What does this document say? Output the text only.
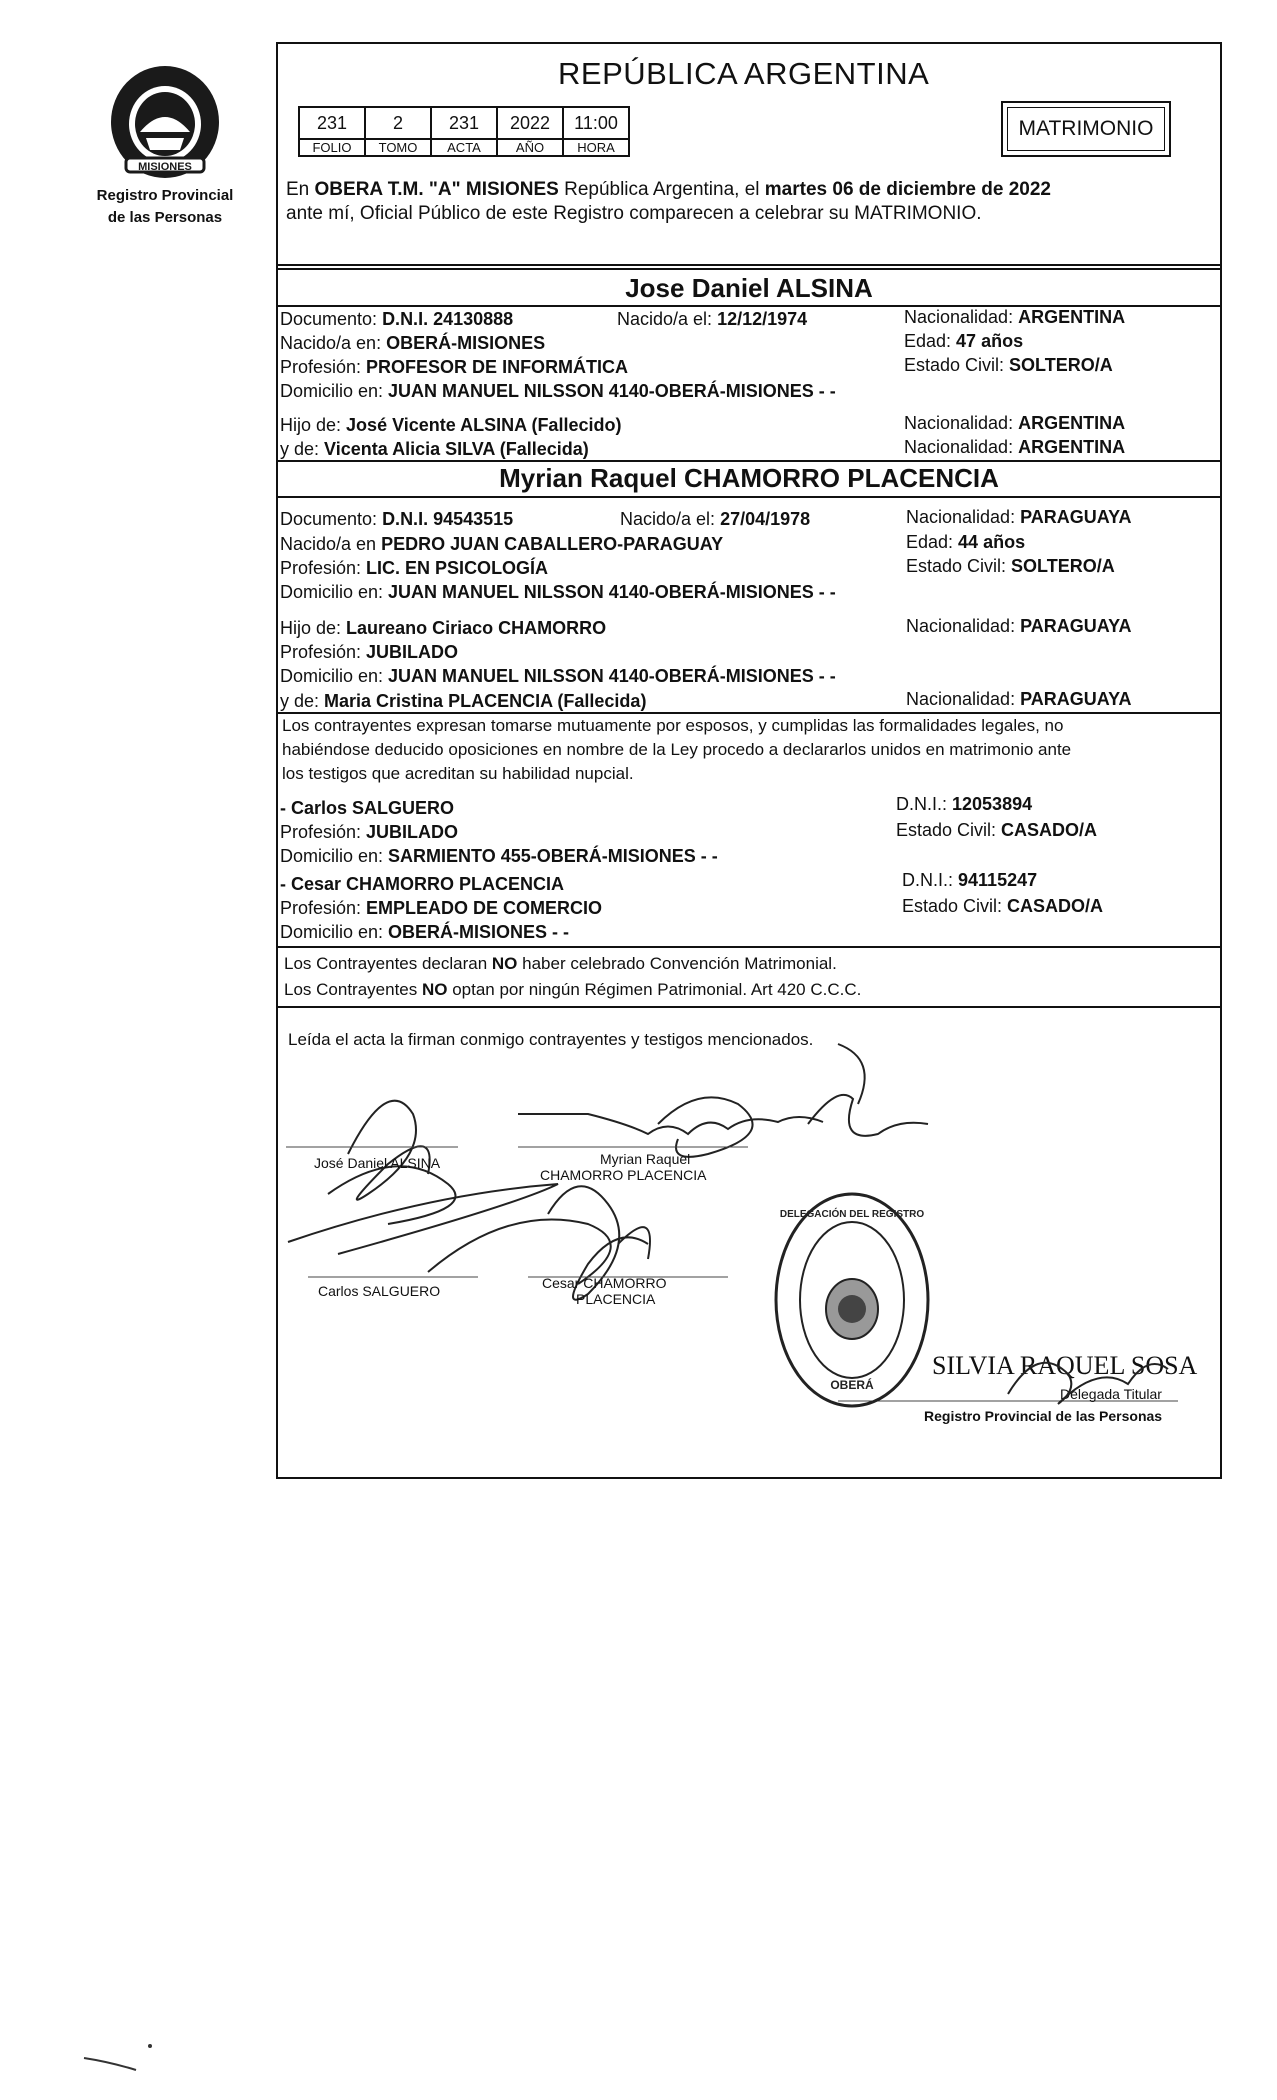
MISIONES
Registro Provincial
de las Personas
REPÚBLICA ARGENTINA
231	2	231	2022	11:00
FOLIO	TOMO	ACTA	AÑO	HORA
MATRIMONIO
En OBERA T.M. "A" MISIONES República Argentina, el martes 06 de diciembre de 2022
ante mí, Oficial Público de este Registro comparecen a celebrar su MATRIMONIO.
Jose Daniel ALSINA
Documento: D.N.I. 24130888	Nacido/a el: 12/12/1974	Nacionalidad: ARGENTINA
Nacido/a en: OBERÁ-MISIONES	Edad: 47 años
Profesión: PROFESOR DE INFORMÁTICA	Estado Civil: SOLTERO/A
Domicilio en: JUAN MANUEL NILSSON 4140-OBERÁ-MISIONES - -
Hijo de: José Vicente ALSINA (Fallecido)	Nacionalidad: ARGENTINA
y de: Vicenta Alicia SILVA (Fallecida)	Nacionalidad: ARGENTINA
Myrian Raquel CHAMORRO PLACENCIA
Documento: D.N.I. 94543515	Nacido/a el: 27/04/1978	Nacionalidad: PARAGUAYA
Nacido/a en PEDRO JUAN CABALLERO-PARAGUAY	Edad: 44 años
Profesión: LIC. EN PSICOLOGÍA	Estado Civil: SOLTERO/A
Domicilio en: JUAN MANUEL NILSSON 4140-OBERÁ-MISIONES - -
Hijo de: Laureano Ciriaco CHAMORRO	Nacionalidad: PARAGUAYA
Profesión: JUBILADO
Domicilio en: JUAN MANUEL NILSSON 4140-OBERÁ-MISIONES - -
y de: Maria Cristina PLACENCIA (Fallecida)	Nacionalidad: PARAGUAYA
Los contrayentes expresan tomarse mutuamente por esposos, y cumplidas las formalidades legales, no
habiéndose deducido oposiciones en nombre de la Ley procedo a declararlos unidos en matrimonio ante
los testigos que acreditan su habilidad nupcial.
- Carlos SALGUERO	D.N.I.: 12053894
Profesión: JUBILADO	Estado Civil: CASADO/A
Domicilio en: SARMIENTO 455-OBERÁ-MISIONES - -
- Cesar CHAMORRO PLACENCIA	D.N.I.: 94115247
Profesión: EMPLEADO DE COMERCIO	Estado Civil: CASADO/A
Domicilio en: OBERÁ-MISIONES - -
Los Contrayentes declaran NO haber celebrado Convención Matrimonial.
Los Contrayentes NO optan por ningún Régimen Patrimonial. Art 420 C.C.C.
Leída el acta la firman conmigo contrayentes y testigos mencionados.
José Daniel ALSINA	Myrian Raquel
CHAMORRO PLACENCIA
Carlos SALGUERO	Cesar CHAMORRO
PLACENCIA
OBERÁ
DELEGACIÓN DEL REGISTRO
SILVIA RAQUEL SOSA
Delegada Titular
Registro Provincial de las Personas
